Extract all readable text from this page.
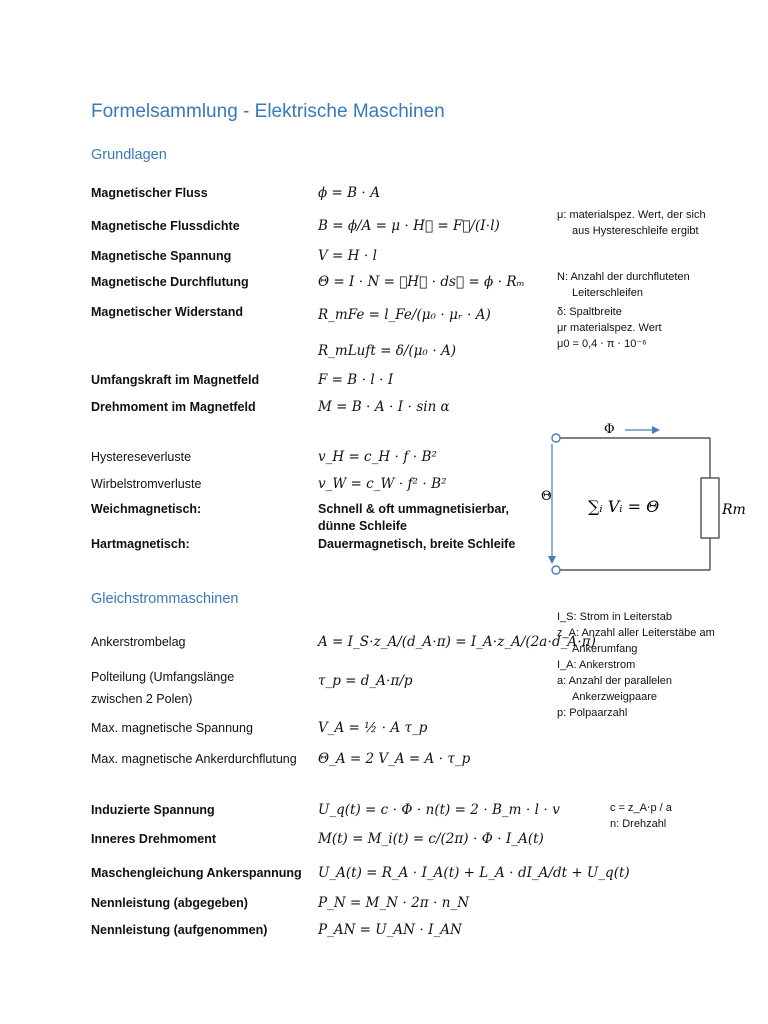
Formelsammlung - Elektrische Maschinen
Grundlagen
Magnetischer Fluss	ϕ = B ⋅ A
Magnetische Flussdichte	B = ϕ/A = μ ⋅ H⃗ = F⃗/(I⋅l)
Magnetische Spannung	V = H ⋅ l
Magnetische Durchflutung	Θ = I ⋅ N = ∮H⃗ ⋅ ds⃗ = ϕ ⋅ Rₘ
Magnetischer Widerstand	R_mFe = l_Fe/(μ₀ ⋅ μᵣ ⋅ A)
R_mLuft = δ/(μ₀ ⋅ A)
Umfangskraft im Magnetfeld	F = B ⋅ l ⋅ I
Drehmoment im Magnetfeld	M = B ⋅ A ⋅ I ⋅ sin α
Hystereseverluste	v_H = c_H ⋅ f ⋅ B²
Wirbelstromverluste	v_W = c_W ⋅ f² ⋅ B²
Weichmagnetisch:	Schnell & oft ummagnetisierbar,
dünne Schleife
Hartmagnetisch:	Dauermagnetisch, breite Schleife
μ: materialspez. Wert, der sich
aus Hystereschleife ergibt
N: Anzahl der durchfluteten
Leiterschleifen
δ: Spaltbreite
μr materialspez. Wert
μ0 = 0,4 ⋅ π ⋅ 10⁻⁶
Φ
Θ
∑ᵢ Vᵢ = Θ	Rm
Gleichstrommaschinen
Ankerstrombelag	A = I_S⋅z_A/(d_A⋅π) = I_A⋅z_A/(2a⋅d_A⋅π)
Polteilung (Umfangslänge
zwischen 2 Polen)
τ_p = d_A⋅π/p
Max. magnetische Spannung	V_A = ½ ⋅ A τ_p
Max. magnetische Ankerdurchflutung Θ_A = 2 V_A = A ⋅ τ_p
Induzierte Spannung	U_q(t) = c ⋅ Φ ⋅ n(t) = 2 ⋅ B_m ⋅ l ⋅ v
Inneres Drehmoment	M(t) = M_i(t) = c/(2π) ⋅ Φ ⋅ I_A(t)
Maschengleichung Ankerspannung U_A(t) = R_A ⋅ I_A(t) + L_A ⋅ dI_A/dt + U_q(t)
Nennleistung (abgegeben)	P_N = M_N ⋅ 2π ⋅ n_N
Nennleistung (aufgenommen)	P_AN = U_AN ⋅ I_AN
I_S: Strom in Leiterstab
z_A: Anzahl aller Leiterstäbe am
Ankerumfang
I_A: Ankerstrom
a: Anzahl der parallelen
Ankerzweigpaare
p: Polpaarzahl
c = z_A⋅p / a
n: Drehzahl
